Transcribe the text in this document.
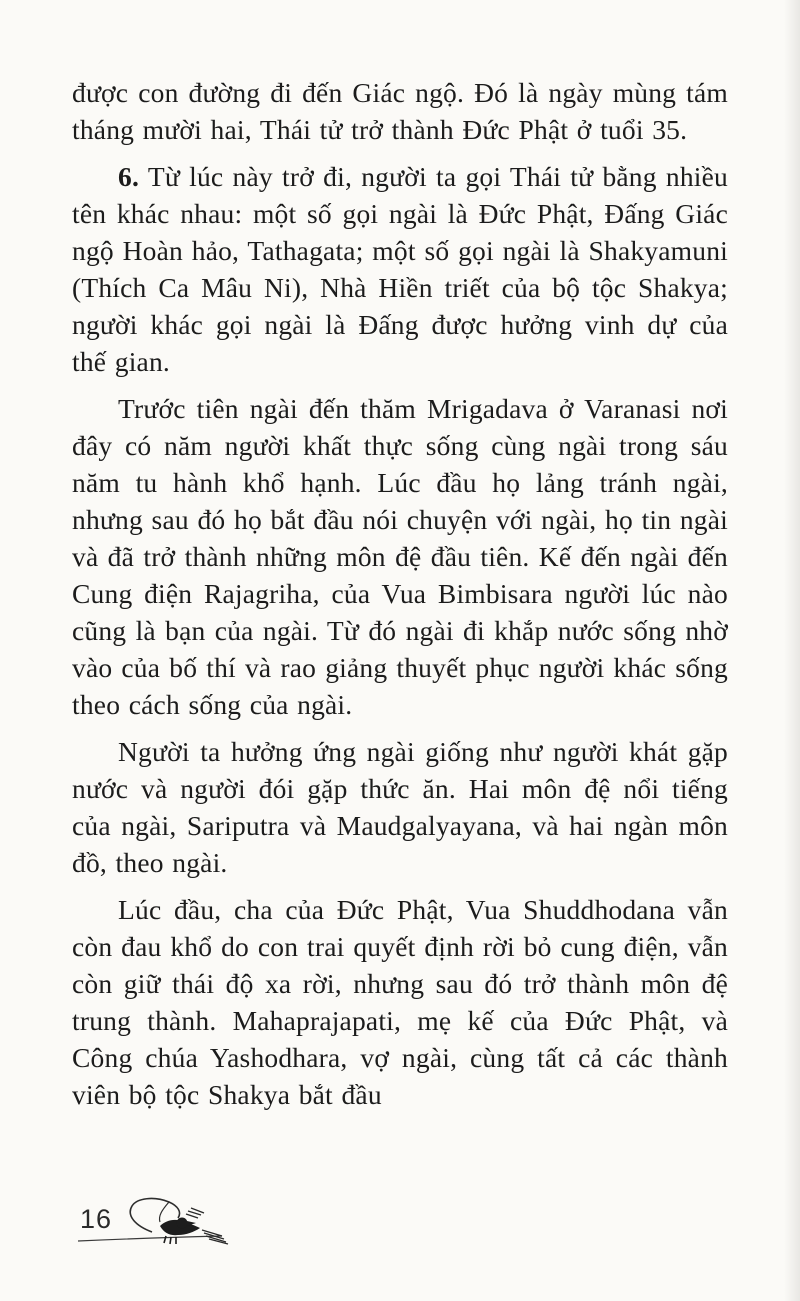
được con đường đi đến Giác ngộ. Đó là ngày mùng tám tháng mười hai, Thái tử trở thành Đức Phật ở tuổi 35.

6. Từ lúc này trở đi, người ta gọi Thái tử bằng nhiều tên khác nhau: một số gọi ngài là Đức Phật, Đấng Giác ngộ Hoàn hảo, Tathagata; một số gọi ngài là Shakyamuni (Thích Ca Mâu Ni), Nhà Hiền triết của bộ tộc Shakya; người khác gọi ngài là Đấng được hưởng vinh dự của thế gian.

Trước tiên ngài đến thăm Mrigadava ở Varanasi nơi đây có năm người khất thực sống cùng ngài trong sáu năm tu hành khổ hạnh. Lúc đầu họ lảng tránh ngài, nhưng sau đó họ bắt đầu nói chuyện với ngài, họ tin ngài và đã trở thành những môn đệ đầu tiên. Kế đến ngài đến Cung điện Rajagriha, của Vua Bimbisara người lúc nào cũng là bạn của ngài. Từ đó ngài đi khắp nước sống nhờ vào của bố thí và rao giảng thuyết phục người khác sống theo cách sống của ngài.

Người ta hưởng ứng ngài giống như người khát gặp nước và người đói gặp thức ăn. Hai môn đệ nổi tiếng của ngài, Sariputra và Maudgalyayana, và hai ngàn môn đồ, theo ngài.

Lúc đầu, cha của Đức Phật, Vua Shuddhodana vẫn còn đau khổ do con trai quyết định rời bỏ cung điện, vẫn còn giữ thái độ xa rời, nhưng sau đó trở thành môn đệ trung thành. Mahaprajapati, mẹ kế của Đức Phật, và Công chúa Yashodhara, vợ ngài, cùng tất cả các thành viên bộ tộc Shakya bắt đầu

16
